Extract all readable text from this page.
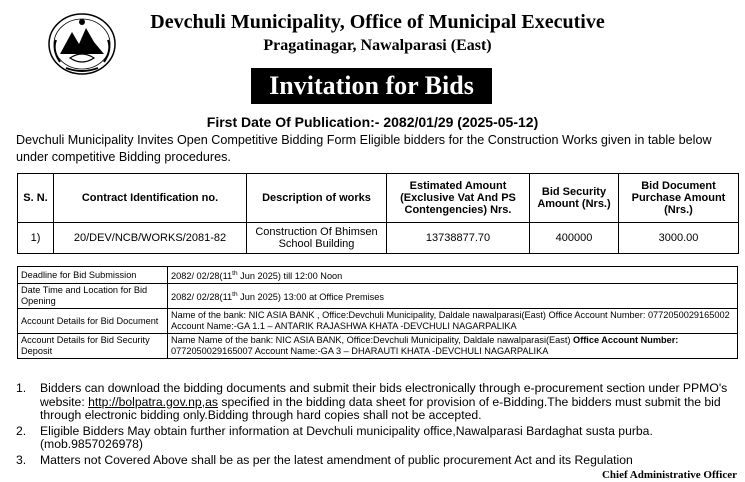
Devchuli Municipality, Office of Municipal Executive
Pragatinagar, Nawalparasi (East)
Invitation for Bids
First Date Of Publication:- 2082/01/29 (2025-05-12)
Devchuli Municipality Invites Open Competitive Bidding Form Eligible bidders for the Construction Works given in table below under competitive Bidding procedures.
S. N.	Contract Identification no.	Description of works	Estimated Amount (Exclusive Vat And PS Contengencies) Nrs.	Bid Security Amount (Nrs.)	Bid Document Purchase Amount (Nrs.)
1)	20/DEV/NCB/WORKS/2081-82	Construction Of Bhimsen School Building	13738877.70	400000	3000.00
Deadline for Bid Submission	2082/ 02/28(11th Jun 2025) till 12:00 Noon
Date Time and Location for Bid Opening	2082/ 02/28(11th Jun 2025) 13:00 at Office Premises
Account Details for Bid Document	Name of the bank: NIC ASIA BANK , Office:Devchuli Municipality, Daldale nawalparasi(East) Office Account Number: 0772050029165002 Account Name:-GA 1.1 – ANTARIK RAJASHWA KHATA -DEVCHULI NAGARPALIKA
Account Details for Bid Security Deposit	Name Name of the bank: NIC ASIA BANK, Office:Devchuli Municipality, Daldale nawalparasi(East) Office Account Number: 0772050029165007 Account Name:-GA 3 – DHARAUTI KHATA -DEVCHULI NAGARPALIKA
1.	Bidders can download the bidding documents and submit their bids electronically through e-procurement section under PPMO's website: http://bolpatra.gov.np,as specified in the bidding data sheet for provision of e-Bidding.The bidders must submit the bid through electronic bidding only.Bidding through hard copies shall not be accepted.
2.	Eligible Bidders May obtain further information at Devchuli municipality office,Nawalparasi Bardaghat susta purba.(mob.9857026978)
3.	Matters not Covered Above shall be as per the latest amendment of public procurement Act and its Regulation
Chief Administrative Officer
